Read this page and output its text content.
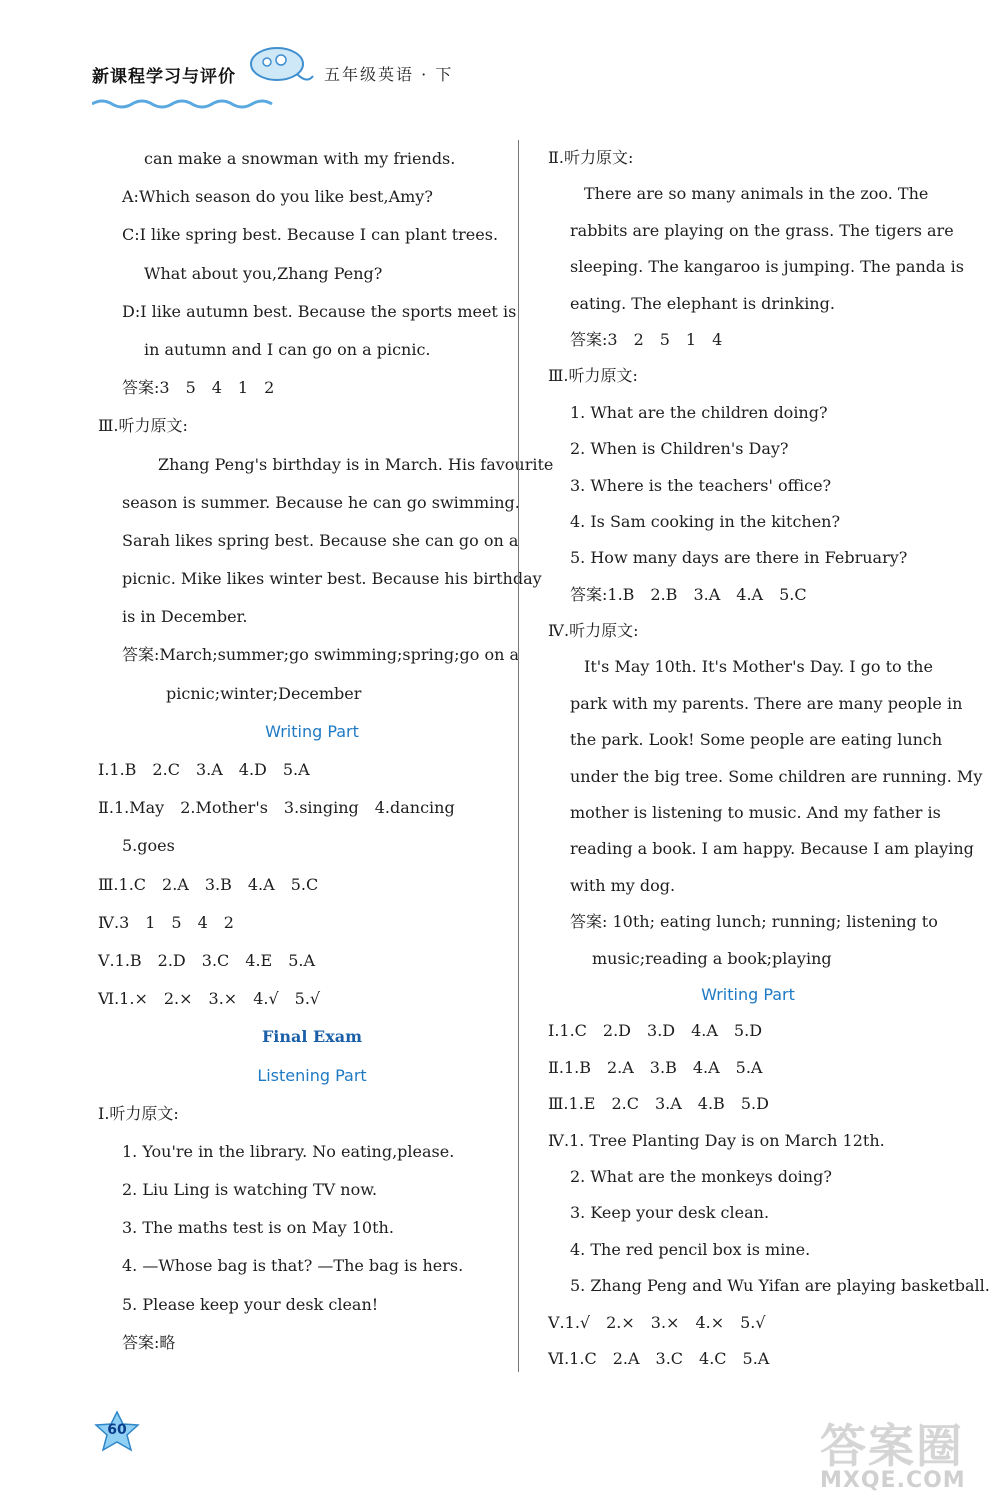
新课程学习与评价	五年级英语 · 下
can make a snowman with my friends.
A:Which season do you like best,Amy?
C:I like spring best. Because I can plant trees.
What about you,Zhang Peng?
D:I like autumn best. Because the sports meet is
in autumn and I can go on a picnic.
答案:3　5　4　1　2
Ⅲ.听力原文:
Zhang Peng's birthday is in March. His favourite
season is summer. Because he can go swimming.
Sarah likes spring best. Because she can go on a
picnic. Mike likes winter best. Because his birthday
is in December.
答案:March;summer;go swimming;spring;go on a
picnic;winter;December
Writing Part
Ⅰ.1.B　2.C　3.A　4.D　5.A
Ⅱ.1.May　2.Mother's　3.singing　4.dancing
5.goes
Ⅲ.1.C　2.A　3.B　4.A　5.C
Ⅳ.3　1　5　4　2
Ⅴ.1.B　2.D　3.C　4.E　5.A
Ⅵ.1.×　2.×　3.×　4.√　5.√
Final Exam
Listening Part
Ⅰ.听力原文:
1. You're in the library. No eating,please.
2. Liu Ling is watching TV now.
3. The maths test is on May 10th.
4. —Whose bag is that? —The bag is hers.
5. Please keep your desk clean!
答案:略
Ⅱ.听力原文:
There are so many animals in the zoo. The
rabbits are playing on the grass. The tigers are
sleeping. The kangaroo is jumping. The panda is
eating. The elephant is drinking.
答案:3　2　5　1　4
Ⅲ.听力原文:
1. What are the children doing?
2. When is Children's Day?
3. Where is the teachers' office?
4. Is Sam cooking in the kitchen?
5. How many days are there in February?
答案:1.B　2.B　3.A　4.A　5.C
Ⅳ.听力原文:
It's May 10th. It's Mother's Day. I go to the
park with my parents. There are many people in
the park. Look! Some people are eating lunch
under the big tree. Some children are running. My
mother is listening to music. And my father is
reading a book. I am happy. Because I am playing
with my dog.
答案: 10th; eating lunch; running; listening to
music;reading a book;playing
Writing Part
Ⅰ.1.C　2.D　3.D　4.A　5.D
Ⅱ.1.B　2.A　3.B　4.A　5.A
Ⅲ.1.E　2.C　3.A　4.B　5.D
Ⅳ.1. Tree Planting Day is on March 12th.
2. What are the monkeys doing?
3. Keep your desk clean.
4. The red pencil box is mine.
5. Zhang Peng and Wu Yifan are playing basketball.
Ⅴ.1.√　2.×　3.×　4.×　5.√
Ⅵ.1.C　2.A　3.C　4.C　5.A
60	答案圈
MXQE.COM
